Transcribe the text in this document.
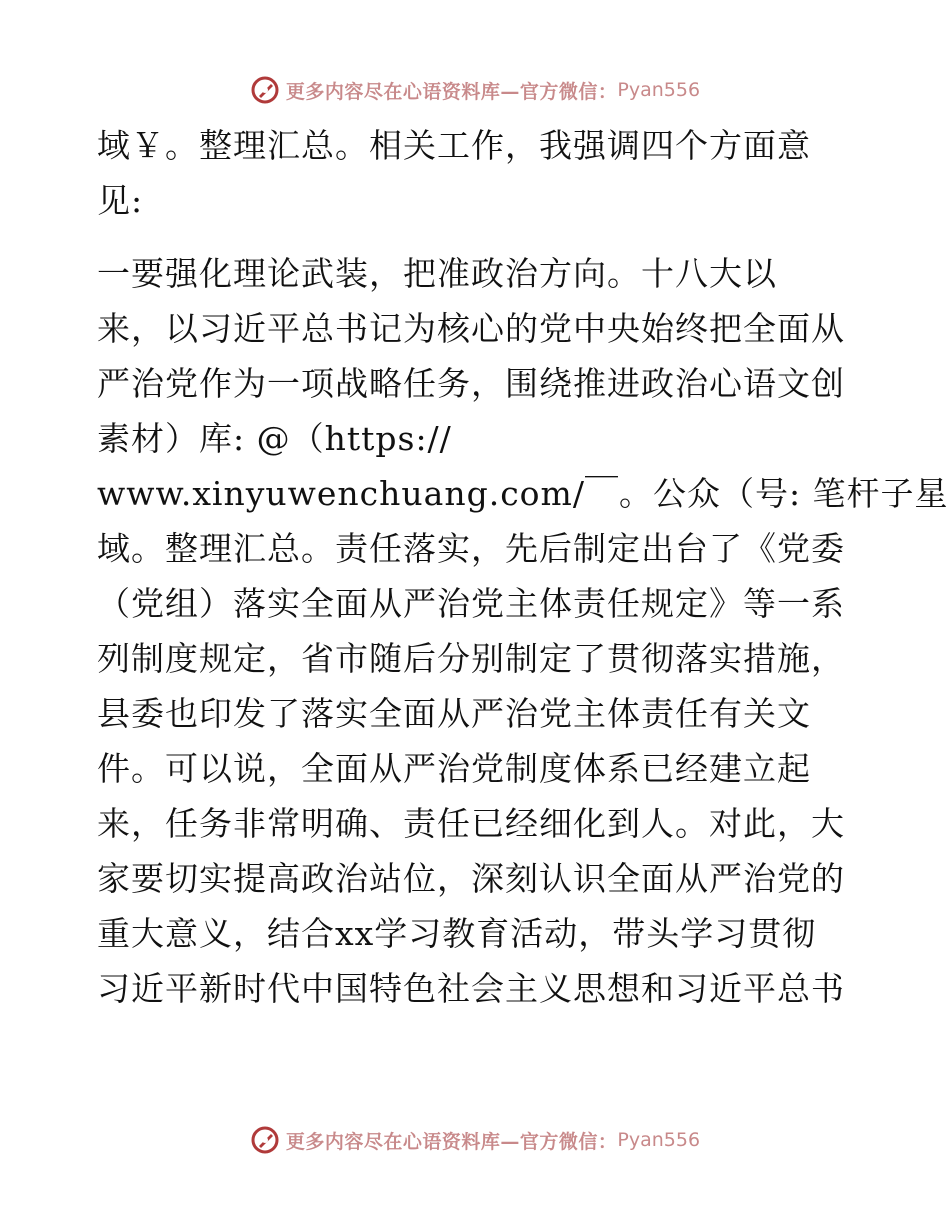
更多内容尽在心语资料库—官方微信： Pyan556
域￥。整理汇总。相关工作，我强调四个方面意
见:
一要强化理论武装，把准政治方向。十八大以
来，以习近平总书记为核心的党中央始终把全面从
严治党作为一项战略任务，围绕推进政治心语文创
素材）库: @（https://
www.xinyuwenchuang.com/￣。公众（号: 笔杆子星
域。整理汇总。责任落实，先后制定出台了《党委
（党组）落实全面从严治党主体责任规定》等一系
列制度规定，省市随后分别制定了贯彻落实措施，
县委也印发了落实全面从严治党主体责任有关文
件。可以说，全面从严治党制度体系已经建立起
来，任务非常明确、责任已经细化到人。对此，大
家要切实提高政治站位，深刻认识全面从严治党的
重大意义，结合xx学习教育活动，带头学习贯彻
习近平新时代中国特色社会主义思想和习近平总书
更多内容尽在心语资料库—官方微信： Pyan556
